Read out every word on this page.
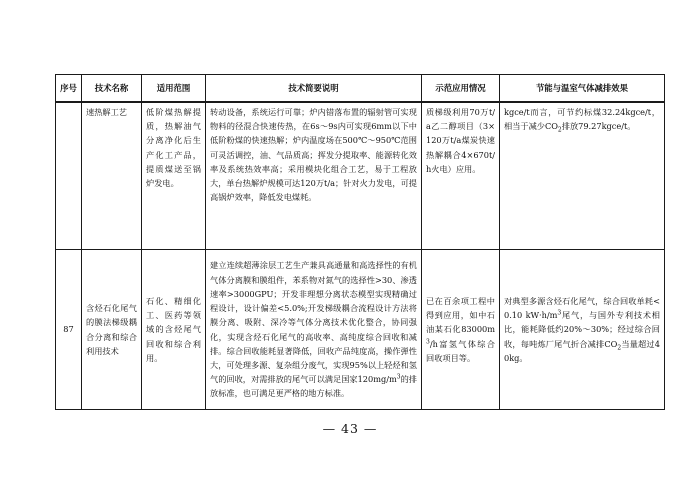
序号	技术名称	适用范围	技术简要说明	示范应用情况	节能与温室气体减排效果
	速热解工艺	低阶煤热解提质，热解油气分离净化后生产化工产品，提质煤送至锅炉发电。	转动设备，系统运行可靠；炉内错落布置的辐射管可实现物料的径混合快速传热，在6s～9s内可实现6mm以下中低阶粉煤的快速热解；炉内温度场在500℃～950℃范围可灵活调控，油、气品质高；挥发分提取率、能源转化效率及系统热效率高；采用模块化组合工艺，易于工程放大，单台热解炉规模可达120万t/a；针对火力发电，可提高锅炉效率，降低发电煤耗。	质梯级利用70万t/a乙二醇项目（3×120万t/a煤炭快速热解耦合4×670t/h火电）应用。	kgce/t而言，可节约标煤32.24kgce/t，相当于减少$CO_2$排放79.27kgce/t。
87	含烃石化尾气的膜法梯级耦合分离和综合利用技术	石化、精细化工、医药等领域的含烃尾气回收和综合利用。	建立连续超薄涂层工艺生产兼具高通量和高选择性的有机气体分离膜和膜组件，苯系物对氮气的选择性>30、渗透速率>3000GPU；开发非理想分离状态模型实现精确过程设计，设计偏差<5.0%;开发梯级耦合流程设计方法将膜分离、吸附、深冷等气体分离技术优化整合，协同强化，实现含烃石化尾气的高收率、高纯度综合回收和减排。综合回收能耗显著降低，回收产品纯度高，操作弹性大，可处理多源、复杂组分废气，实现95%以上轻烃和氢气的回收，对需排放的尾气可以满足国家$120mg/m^3$的排放标准，也可满足更严格的地方标准。	已在百余项工程中得到应用，如中石油某石化$83000m^3/h$富氢气体综合回收项目等。	对典型多源含烃石化尾气，综合回收单耗<0.10 $kW\cdot h/m^3$尾气，与国外专利技术相比，能耗降低约20%～30%；经过综合回收，每吨炼厂尾气折合减排$CO_2$当量超过40kg。
— 43 —
